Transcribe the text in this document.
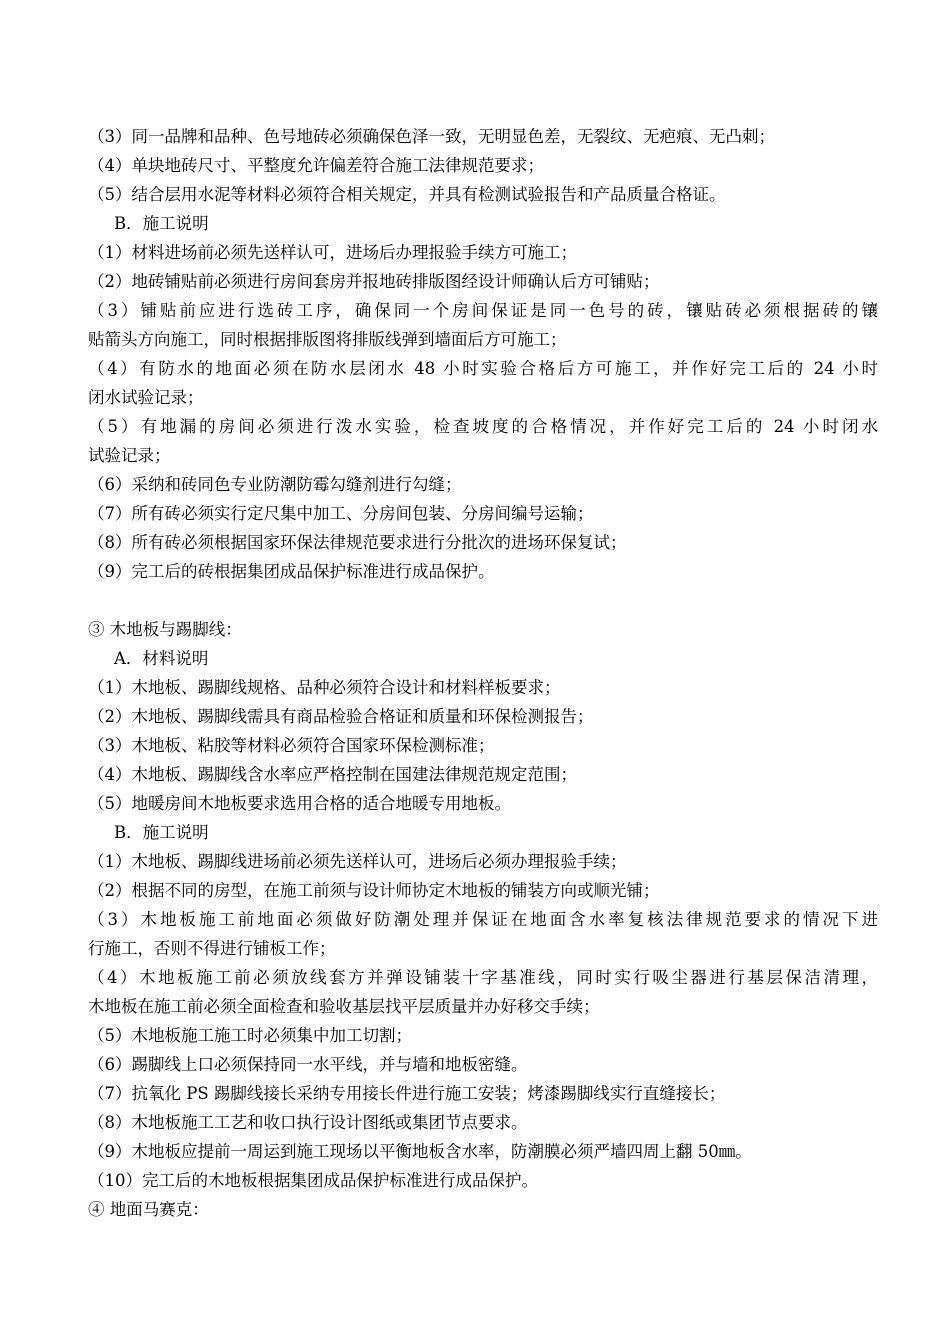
（3）同一品牌和品种、色号地砖必须确保色泽一致，无明显色差，无裂纹、无疤痕、无凸刺；
（4）单块地砖尺寸、平整度允许偏差符合施工法律规范要求；
（5）结合层用水泥等材料必须符合相关规定，并具有检测试验报告和产品质量合格证。
B．施工说明
（1）材料进场前必须先送样认可，进场后办理报验手续方可施工；
（2）地砖铺贴前必须进行房间套房并报地砖排版图经设计师确认后方可铺贴；
（3）铺贴前应进行选砖工序，确保同一个房间保证是同一色号的砖，镶贴砖必须根据砖的镶
贴箭头方向施工，同时根据排版图将排版线弹到墙面后方可施工；
（4）有防水的地面必须在防水层闭水 48 小时实验合格后方可施工，并作好完工后的 24 小时
闭水试验记录；
（5）有地漏的房间必须进行泼水实验，检查坡度的合格情况，并作好完工后的 24 小时闭水
试验记录；
（6）采纳和砖同色专业防潮防霉勾缝剂进行勾缝；
（7）所有砖必须实行定尺集中加工、分房间包装、分房间编号运输；
（8）所有砖必须根据国家环保法律规范要求进行分批次的进场环保复试；
（9）完工后的砖根据集团成品保护标准进行成品保护。
③ 木地板与踢脚线：
A．材料说明
（1）木地板、踢脚线规格、品种必须符合设计和材料样板要求；
（2）木地板、踢脚线需具有商品检验合格证和质量和环保检测报告；
（3）木地板、粘胶等材料必须符合国家环保检测标准；
（4）木地板、踢脚线含水率应严格控制在国建法律规范规定范围；
（5）地暖房间木地板要求选用合格的适合地暖专用地板。
B．施工说明
（1）木地板、踢脚线进场前必须先送样认可，进场后必须办理报验手续；
（2）根据不同的房型，在施工前须与设计师协定木地板的铺装方向或顺光铺；
（3）木地板施工前地面必须做好防潮处理并保证在地面含水率复核法律规范要求的情况下进
行施工，否则不得进行铺板工作；
（4）木地板施工前必须放线套方并弹设铺装十字基准线，同时实行吸尘器进行基层保洁清理，
木地板在施工前必须全面检查和验收基层找平层质量并办好移交手续；
（5）木地板施工施工时必须集中加工切割；
（6）踢脚线上口必须保持同一水平线，并与墙和地板密缝。
（7）抗氧化 PS 踢脚线接长采纳专用接长件进行施工安装；烤漆踢脚线实行直缝接长；
（8）木地板施工工艺和收口执行设计图纸或集团节点要求。
（9）木地板应提前一周运到施工现场以平衡地板含水率，防潮膜必须严墙四周上翻 50㎜。
（10）完工后的木地板根据集团成品保护标准进行成品保护。
④ 地面马赛克：
